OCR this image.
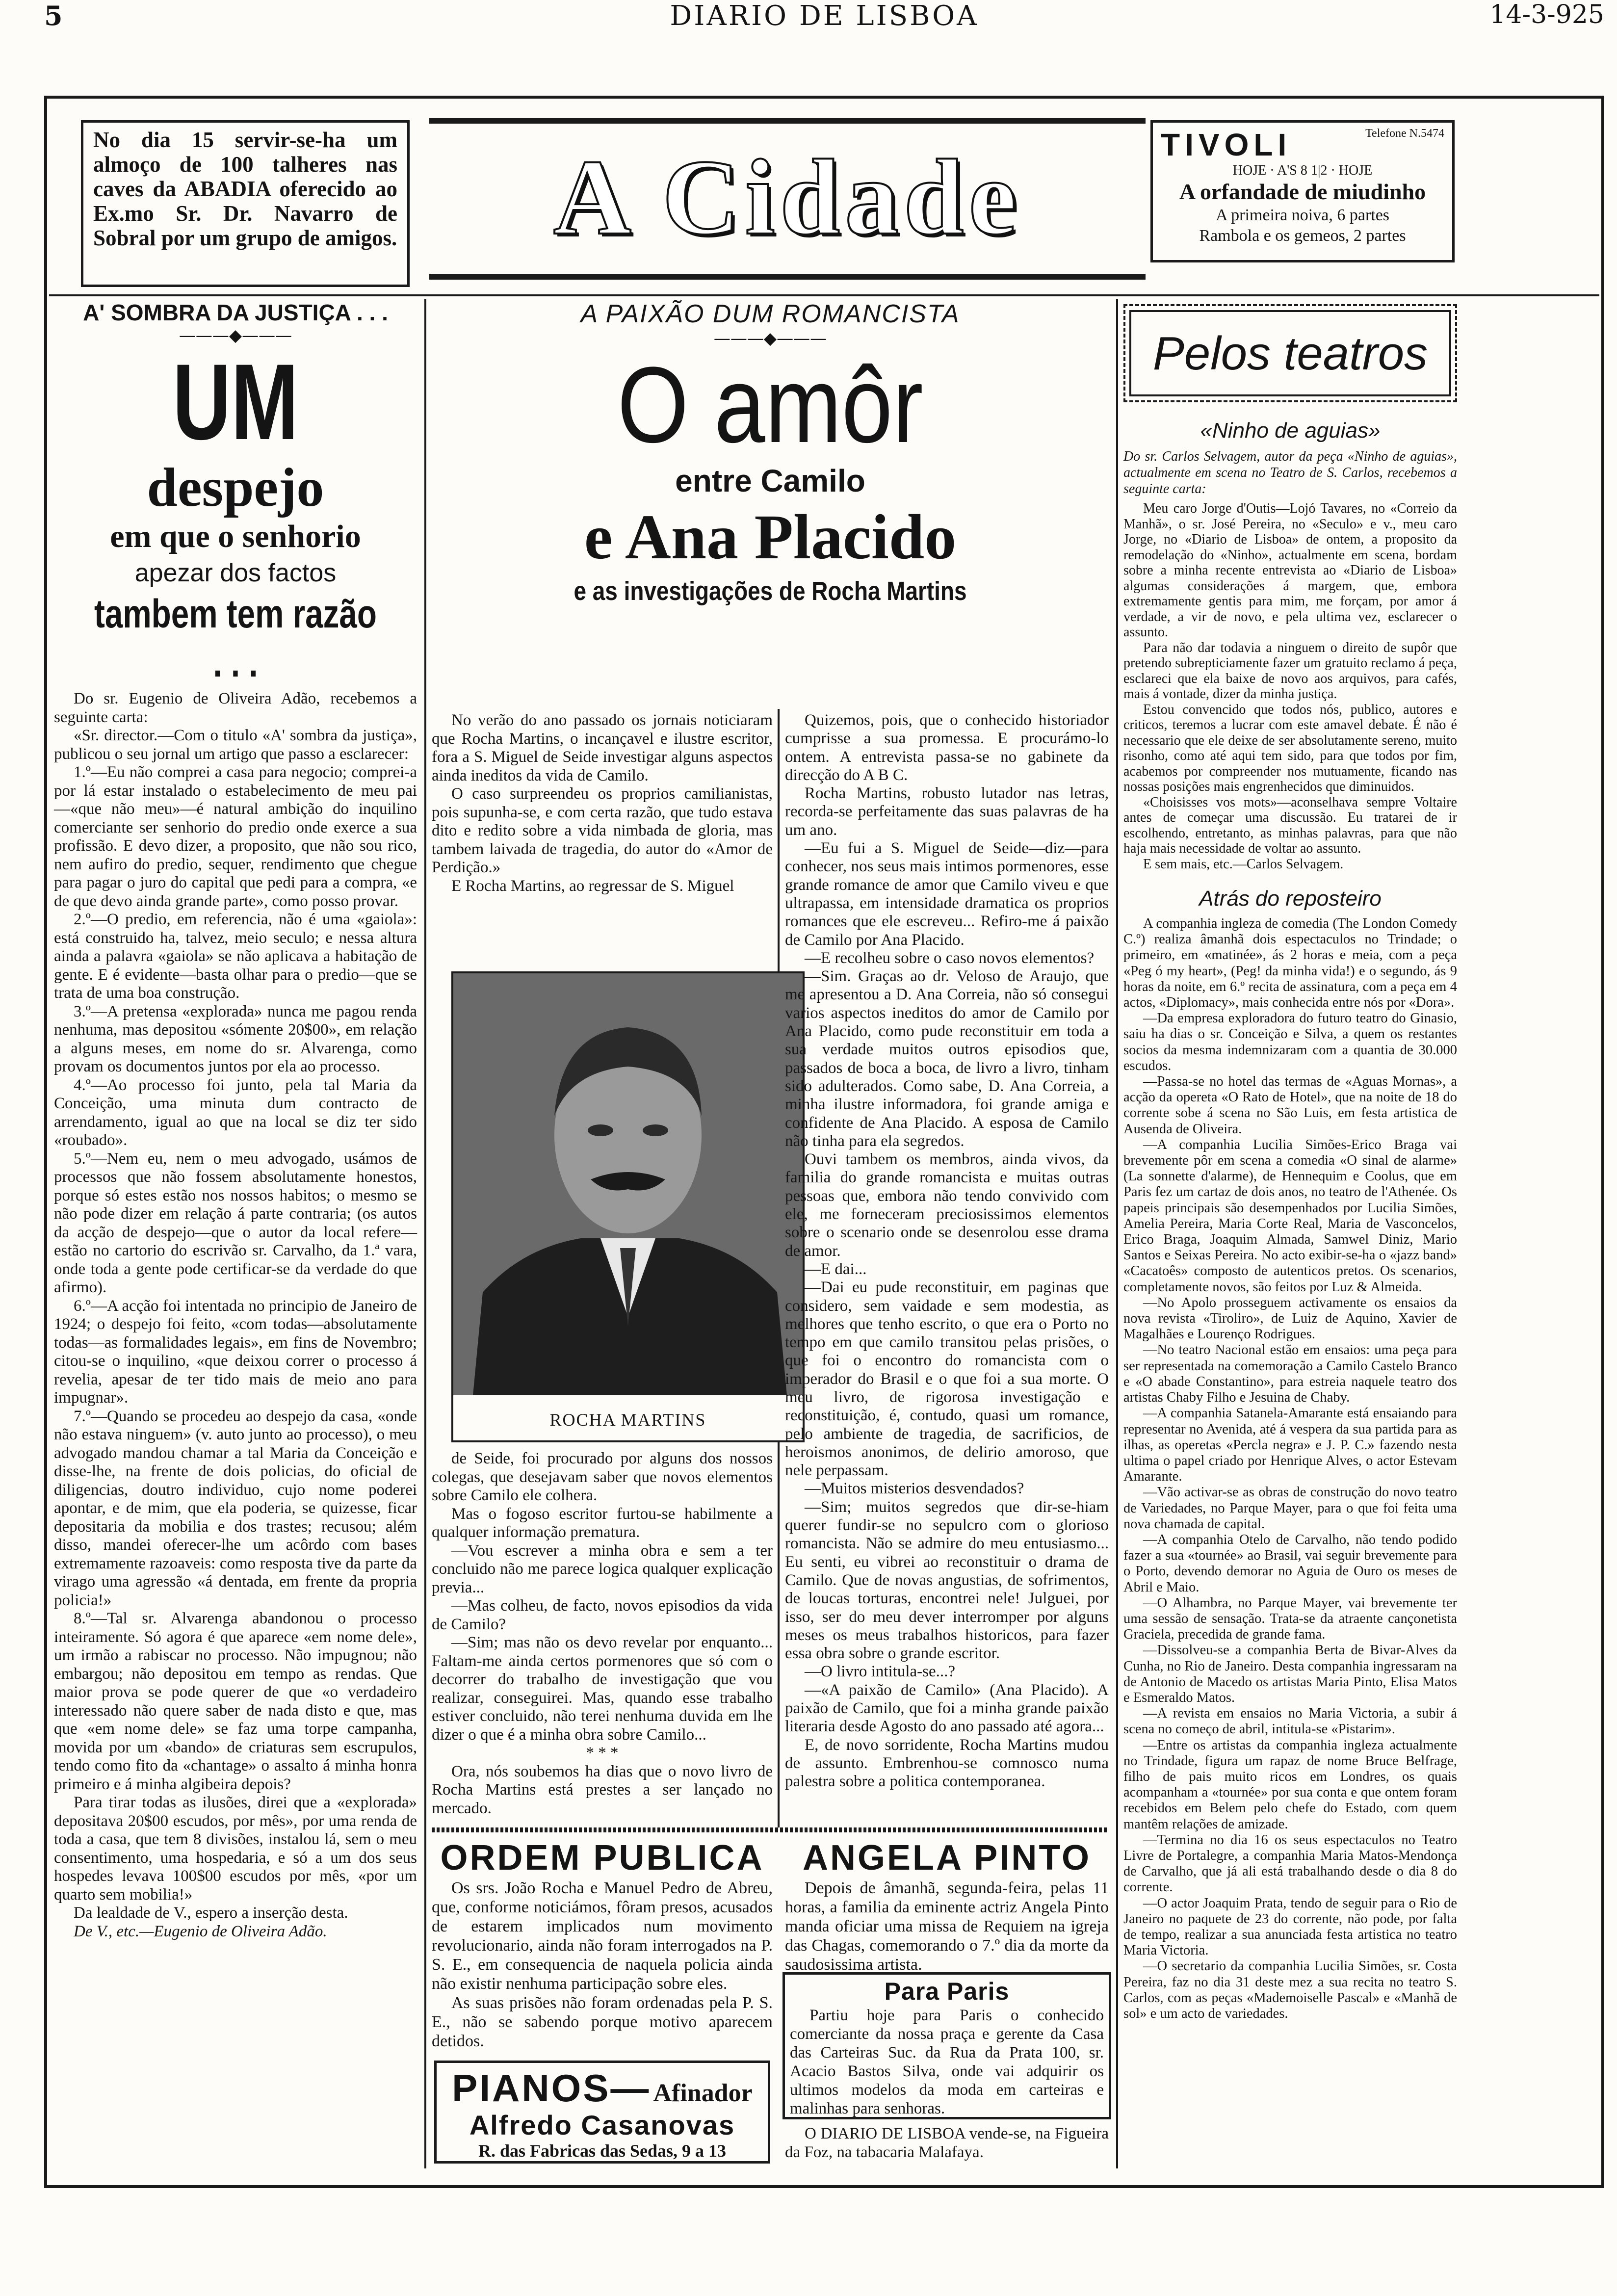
5	DIARIO DE LISBOA	14-3-925
No dia 15 servir-se-ha um almoço de 100 talheres nas caves da ABADIA oferecido ao Ex.mo Sr. Dr. Navarro de Sobral por um grupo de amigos.	A Cidade	TIVOLI	Telefone N.5474
HOJE · A'S 8 1|2 · HOJE
A orfandade de miudinho
A primeira noiva, 6 partes
Rambola e os gemeos, 2 partes
A' SOMBRA DA JUSTIÇA . . .
———◆———
UM
despejo
em que o senhorio
apezar dos factos
tambem tem razão . . .

Do sr. Eugenio de Oliveira Adão, recebemos a seguinte carta:

«Sr. director.—Com o titulo «A' sombra da justiça», publicou o seu jornal um artigo que passo a esclarecer:

1.º—Eu não comprei a casa para negocio; comprei-a por lá estar instalado o estabelecimento de meu pai—«que não meu»—é natural ambição do inquilino comerciante ser senhorio do predio onde exerce a sua profissão. E devo dizer, a proposito, que não sou rico, nem aufiro do predio, sequer, rendimento que chegue para pagar o juro do capital que pedi para a compra, «e de que devo ainda grande parte», como posso provar.

2.º—O predio, em referencia, não é uma «gaiola»: está construido ha, talvez, meio seculo; e nessa altura ainda a palavra «gaiola» se não aplicava a habitação de gente. E é evidente—basta olhar para o predio—que se trata de uma boa construção.

3.º—A pretensa «explorada» nunca me pagou renda nenhuma, mas depositou «sómente 20$00», em relação a alguns meses, em nome do sr. Alvarenga, como provam os documentos juntos por ela ao processo.

4.º—Ao processo foi junto, pela tal Maria da Conceição, uma minuta dum contracto de arrendamento, igual ao que na local se diz ter sido «roubado».

5.º—Nem eu, nem o meu advogado, usámos de processos que não fossem absolutamente honestos, porque só estes estão nos nossos habitos; o mesmo se não pode dizer em relação á parte contraria; (os autos da acção de despejo—que o autor da local refere—estão no cartorio do escrivão sr. Carvalho, da 1.ª vara, onde toda a gente pode certificar-se da verdade do que afirmo).

6.º—A acção foi intentada no principio de Janeiro de 1924; o despejo foi feito, «com todas—absolutamente todas—as formalidades legais», em fins de Novembro; citou-se o inquilino, «que deixou correr o processo á revelia, apesar de ter tido mais de meio ano para impugnar».

7.º—Quando se procedeu ao despejo da casa, «onde não estava ninguem» (v. auto junto ao processo), o meu advogado mandou chamar a tal Maria da Conceição e disse-lhe, na frente de dois policias, do oficial de diligencias, doutro individuo, cujo nome poderei apontar, e de mim, que ela poderia, se quizesse, ficar depositaria da mobilia e dos trastes; recusou; além disso, mandei oferecer-lhe um acôrdo com bases extremamente razoaveis: como resposta tive da parte da virago uma agressão «á dentada, em frente da propria policia!»

8.º—Tal sr. Alvarenga abandonou o processo inteiramente. Só agora é que aparece «em nome dele», um irmão a rabiscar no processo. Não impugnou; não embargou; não depositou em tempo as rendas. Que maior prova se pode querer de que «o verdadeiro interessado não quere saber de nada disto e que, mas que «em nome dele» se faz uma torpe campanha, movida por um «bando» de criaturas sem escrupulos, tendo como fito da «chantage» o assalto á minha honra primeiro e á minha algibeira depois?

Para tirar todas as ilusões, direi que a «explorada» depositava 20$00 escudos, por mês», por uma renda de toda a casa, que tem 8 divisões, instalou lá, sem o meu consentimento, uma hospedaria, e só a um dos seus hospedes levava 100$00 escudos por mês, «por um quarto sem mobilia!»

Da lealdade de V., espero a inserção desta.

De V., etc.—Eugenio de Oliveira Adão.

A PAIXÃO DUM ROMANCISTA
———◆———
O amôr
entre Camilo
e Ana Placido
e as investigações de Rocha Martins

No verão do ano passado os jornais noticiaram que Rocha Martins, o incançavel e ilustre escritor, fora a S. Miguel de Seide investigar alguns aspectos ainda ineditos da vida de Camilo.

O caso surpreendeu os proprios camilianistas, pois supunha-se, e com certa razão, que tudo estava dito e redito sobre a vida nimbada de gloria, mas tambem laivada de tragedia, do autor do «Amor de Perdição.»

E Rocha Martins, ao regressar de S. Miguel

ROCHA MARTINS

de Seide, foi procurado por alguns dos nossos colegas, que desejavam saber que novos elementos sobre Camilo ele colhera.

Mas o fogoso escritor furtou-se habilmente a qualquer informação prematura.

—Vou escrever a minha obra e sem a ter concluido não me parece logica qualquer explicação previa...

—Mas colheu, de facto, novos episodios da vida de Camilo?

—Sim; mas não os devo revelar por enquanto... Faltam-me ainda certos pormenores que só com o decorrer do trabalho de investigação que vou realizar, conseguirei. Mas, quando esse trabalho estiver concluido, não terei nenhuma duvida em lhe dizer o que é a minha obra sobre Camilo...

* * *

Ora, nós soubemos ha dias que o novo livro de Rocha Martins está prestes a ser lançado no mercado.

Quizemos, pois, que o conhecido historiador cumprisse a sua promessa. E procurámo-lo ontem. A entrevista passa-se no gabinete da direcção do A B C.

Rocha Martins, robusto lutador nas letras, recorda-se perfeitamente das suas palavras de ha um ano.

—Eu fui a S. Miguel de Seide—diz—para conhecer, nos seus mais intimos pormenores, esse grande romance de amor que Camilo viveu e que ultrapassa, em intensidade dramatica os proprios romances que ele escreveu... Refiro-me á paixão de Camilo por Ana Placido.

—E recolheu sobre o caso novos elementos?

—Sim. Graças ao dr. Veloso de Araujo, que me apresentou a D. Ana Correia, não só consegui varios aspectos ineditos do amor de Camilo por Ana Placido, como pude reconstituir em toda a sua verdade muitos outros episodios que, passados de boca a boca, de livro a livro, tinham sido adulterados. Como sabe, D. Ana Correia, a minha ilustre informadora, foi grande amiga e confidente de Ana Placido. A esposa de Camilo não tinha para ela segredos.

Ouvi tambem os membros, ainda vivos, da familia do grande romancista e muitas outras pessoas que, embora não tendo convivido com ele, me forneceram preciosissimos elementos sobre o scenario onde se desenrolou esse drama de amor.

—E dai...

—Dai eu pude reconstituir, em paginas que considero, sem vaidade e sem modestia, as melhores que tenho escrito, o que era o Porto no tempo em que camilo transitou pelas prisões, o que foi o encontro do romancista com o imperador do Brasil e o que foi a sua morte. O meu livro, de rigorosa investigação e reconstituição, é, contudo, quasi um romance, pelo ambiente de tragedia, de sacrificios, de heroismos anonimos, de delirio amoroso, que nele perpassam.

—Muitos misterios desvendados?

—Sim; muitos segredos que dir-se-hiam querer fundir-se no sepulcro com o glorioso romancista. Não se admire do meu entusiasmo... Eu senti, eu vibrei ao reconstituir o drama de Camilo. Que de novas angustias, de sofrimentos, de loucas torturas, encontrei nele! Julguei, por isso, ser do meu dever interromper por alguns meses os meus trabalhos historicos, para fazer essa obra sobre o grande escritor.

—O livro intitula-se...?

—«A paixão de Camilo» (Ana Placido). A paixão de Camilo, que foi a minha grande paixão literaria desde Agosto do ano passado até agora...

E, de novo sorridente, Rocha Martins mudou de assunto. Embrenhou-se comnosco numa palestra sobre a politica contemporanea.

ORDEM PUBLICA

Os srs. João Rocha e Manuel Pedro de Abreu, que, conforme noticiámos, fôram presos, acusados de estarem implicados num movimento revolucionario, ainda não foram interrogados na P. S. E., em consequencia de naquela policia ainda não existir nenhuma participação sobre eles.

As suas prisões não foram ordenadas pela P. S. E., não se sabendo porque motivo aparecem detidos.

PIANOS— Afinador
Alfredo Casanovas
R. das Fabricas das Sedas, 9 a 13
ANGELA PINTO

Depois de âmanhã, segunda-feira, pelas 11 horas, a familia da eminente actriz Angela Pinto manda oficiar uma missa de Requiem na igreja das Chagas, comemorando o 7.º dia da morte da saudosissima artista.

Para Paris

Partiu hoje para Paris o conhecido comerciante da nossa praça e gerente da Casa das Carteiras Suc. da Rua da Prata 100, sr. Acacio Bastos Silva, onde vai adquirir os ultimos modelos da moda em carteiras e malinhas para senhoras.

O DIARIO DE LISBOA vende-se, na Figueira da Foz, na tabacaria Malafaya.

Pelos teatros
«Ninho de aguias»
Do sr. Carlos Selvagem, autor da peça «Ninho de aguias», actualmente em scena no Teatro de S. Carlos, recebemos a seguinte carta:

Meu caro Jorge d'Outis—Lojó Tavares, no «Correio da Manhã», o sr. José Pereira, no «Seculo» e v., meu caro Jorge, no «Diario de Lisboa» de ontem, a proposito da remodelação do «Ninho», actualmente em scena, bordam sobre a minha recente entrevista ao «Diario de Lisboa» algumas considerações á margem, que, embora extremamente gentis para mim, me forçam, por amor á verdade, a vir de novo, e pela ultima vez, esclarecer o assunto.

Para não dar todavia a ninguem o direito de supôr que pretendo subrepticiamente fazer um gratuito reclamo á peça, esclareci que ela baixe de novo aos arquivos, para cafés, mais á vontade, dizer da minha justiça.

Estou convencido que todos nós, publico, autores e criticos, teremos a lucrar com este amavel debate. É não é necessario que ele deixe de ser absolutamente sereno, muito risonho, como até aqui tem sido, para que todos por fim, acabemos por compreender nos mutuamente, ficando nas nossas posições mais engrenhecidos que diminuidos.

«Choisisses vos mots»—aconselhava sempre Voltaire antes de começar uma discussão. Eu tratarei de ir escolhendo, entretanto, as minhas palavras, para que não haja mais necessidade de voltar ao assunto.

E sem mais, etc.—Carlos Selvagem.

Atrás do reposteiro

A companhia ingleza de comedia (The London Comedy C.º) realiza âmanhã dois espectaculos no Trindade; o primeiro, em «matinée», ás 2 horas e meia, com a peça «Peg ó my heart», (Peg! da minha vida!) e o segundo, ás 9 horas da noite, em 6.º recita de assinatura, com a peça em 4 actos, «Diplomacy», mais conhecida entre nós por «Dora».

—Da empresa exploradora do futuro teatro do Ginasio, saiu ha dias o sr. Conceição e Silva, a quem os restantes socios da mesma indemnizaram com a quantia de 30.000 escudos.

—Passa-se no hotel das termas de «Aguas Mornas», a acção da opereta «O Rato de Hotel», que na noite de 18 do corrente sobe á scena no São Luis, em festa artistica de Ausenda de Oliveira.

—A companhia Lucilia Simões-Erico Braga vai brevemente pôr em scena a comedia «O sinal de alarme» (La sonnette d'alarme), de Hennequim e Coolus, que em Paris fez um cartaz de dois anos, no teatro de l'Athenée. Os papeis principais são desempenhados por Lucilia Simões, Amelia Pereira, Maria Corte Real, Maria de Vasconcelos, Erico Braga, Joaquim Almada, Samwel Diniz, Mario Santos e Seixas Pereira. No acto exibir-se-ha o «jazz band» «Cacatoês» composto de autenticos pretos. Os scenarios, completamente novos, são feitos por Luz & Almeida.

—No Apolo prosseguem activamente os ensaios da nova revista «Tiroliro», de Luiz de Aquino, Xavier de Magalhães e Lourenço Rodrigues.

—No teatro Nacional estão em ensaios: uma peça para ser representada na comemoração a Camilo Castelo Branco e «O abade Constantino», para estreia naquele teatro dos artistas Chaby Filho e Jesuina de Chaby.

—A companhia Satanela-Amarante está ensaiando para representar no Avenida, até á vespera da sua partida para as ilhas, as operetas «Percla negra» e J. P. C.» fazendo nesta ultima o papel criado por Henrique Alves, o actor Estevam Amarante.

—Vão activar-se as obras de construção do novo teatro de Variedades, no Parque Mayer, para o que foi feita uma nova chamada de capital.

—A companhia Otelo de Carvalho, não tendo podido fazer a sua «tournée» ao Brasil, vai seguir brevemente para o Porto, devendo demorar no Aguia de Ouro os meses de Abril e Maio.

—O Alhambra, no Parque Mayer, vai brevemente ter uma sessão de sensação. Trata-se da atraente cançonetista Graciela, precedida de grande fama.

—Dissolveu-se a companhia Berta de Bivar-Alves da Cunha, no Rio de Janeiro. Desta companhia ingressaram na de Antonio de Macedo os artistas Maria Pinto, Elisa Matos e Esmeraldo Matos.

—A revista em ensaios no Maria Victoria, a subir á scena no começo de abril, intitula-se «Pistarim».

—Entre os artistas da companhia ingleza actualmente no Trindade, figura um rapaz de nome Bruce Belfrage, filho de pais muito ricos em Londres, os quais acompanham a «tournée» por sua conta e que ontem foram recebidos em Belem pelo chefe do Estado, com quem mantêm relações de amizade.

—Termina no dia 16 os seus espectaculos no Teatro Livre de Portalegre, a companhia Maria Matos-Mendonça de Carvalho, que já ali está trabalhando desde o dia 8 do corrente.

—O actor Joaquim Prata, tendo de seguir para o Rio de Janeiro no paquete de 23 do corrente, não pode, por falta de tempo, realizar a sua anunciada festa artistica no teatro Maria Victoria.

—O secretario da companhia Lucilia Simões, sr. Costa Pereira, faz no dia 31 deste mez a sua recita no teatro S. Carlos, com as peças «Mademoiselle Pascal» e «Manhã de sol» e um acto de variedades.
